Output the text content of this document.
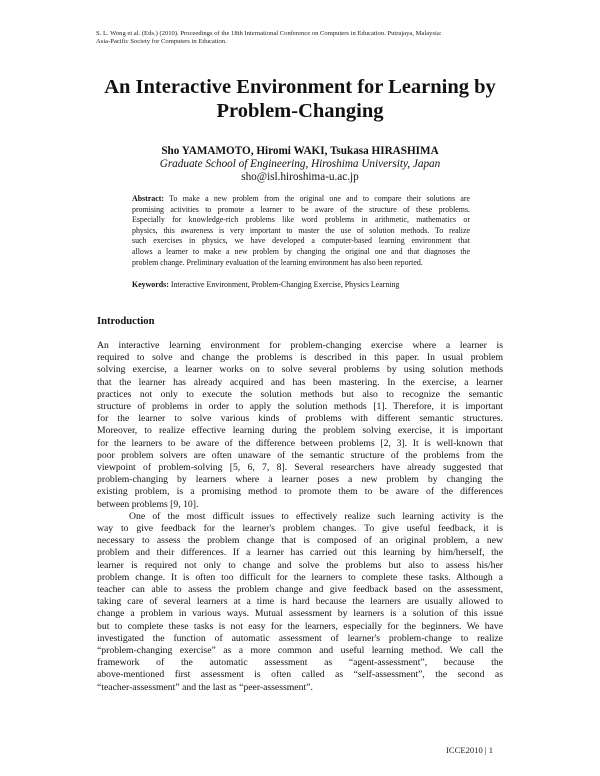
S. L. Wong et al. (Eds.) (2010). Proceedings of the 18th International Conference on Computers in Education. Putrajaya, Malaysia:
Asia-Pacific Society for Computers in Education.
An Interactive Environment for Learning by
Problem-Changing
Sho YAMAMOTO, Hiromi WAKI, Tsukasa HIRASHIMA
Graduate School of Engineering, Hiroshima University, Japan
sho@isl.hiroshima-u.ac.jp
Abstract: To make a new problem from the original one and to compare their solutions are
promising activities to promote a learner to be aware of the structure of these problems.
Especially for knowledge-rich problems like word problems in arithmetic, mathematics or
physics, this awareness is very important to master the use of solution methods. To realize
such exercises in physics, we have developed a computer-based learning environment that
allows a learner to make a new problem by changing the original one and that diagnoses the
problem change. Preliminary evaluation of the learning environment has also been reported.
Keywords: Interactive Environment, Problem-Changing Exercise, Physics Learning
Introduction
An interactive learning environment for problem-changing exercise where a learner is
required to solve and change the problems is described in this paper. In usual problem
solving exercise, a learner works on to solve several problems by using solution methods
that the learner has already acquired and has been mastering. In the exercise, a learner
practices not only to execute the solution methods but also to recognize the semantic
structure of problems in order to apply the solution methods [1]. Therefore, it is important
for the learner to solve various kinds of problems with different semantic structures.
Moreover, to realize effective learning during the problem solving exercise, it is important
for the learners to be aware of the difference between problems [2, 3]. It is well-known that
poor problem solvers are often unaware of the semantic structure of the problems from the
viewpoint of problem-solving [5, 6, 7, 8]. Several researchers have already suggested that
problem-changing by learners where a learner poses a new problem by changing the
existing problem, is a promising method to promote them to be aware of the differences
between problems [9, 10].
One of the most difficult issues to effectively realize such learning activity is the
way to give feedback for the learner's problem changes. To give useful feedback, it is
necessary to assess the problem change that is composed of an original problem, a new
problem and their differences. If a learner has carried out this learning by him/herself, the
learner is required not only to change and solve the problems but also to assess his/her
problem change. It is often too difficult for the learners to complete these tasks. Although a
teacher can able to assess the problem change and give feedback based on the assessment,
taking care of several learners at a time is hard because the learners are usually allowed to
change a problem in various ways. Mutual assessment by learners is a solution of this issue
but to complete these tasks is not easy for the learners, especially for the beginners. We have
investigated the function of automatic assessment of learner's problem-change to realize
“problem-changing exercise” as a more common and useful learning method. We call the
framework of the automatic assessment as “agent-assessment”, because the
above-mentioned first assessment is often called as “self-assessment”, the second as
“teacher-assessment” and the last as “peer-assessment”.
ICCE2010 | 1
